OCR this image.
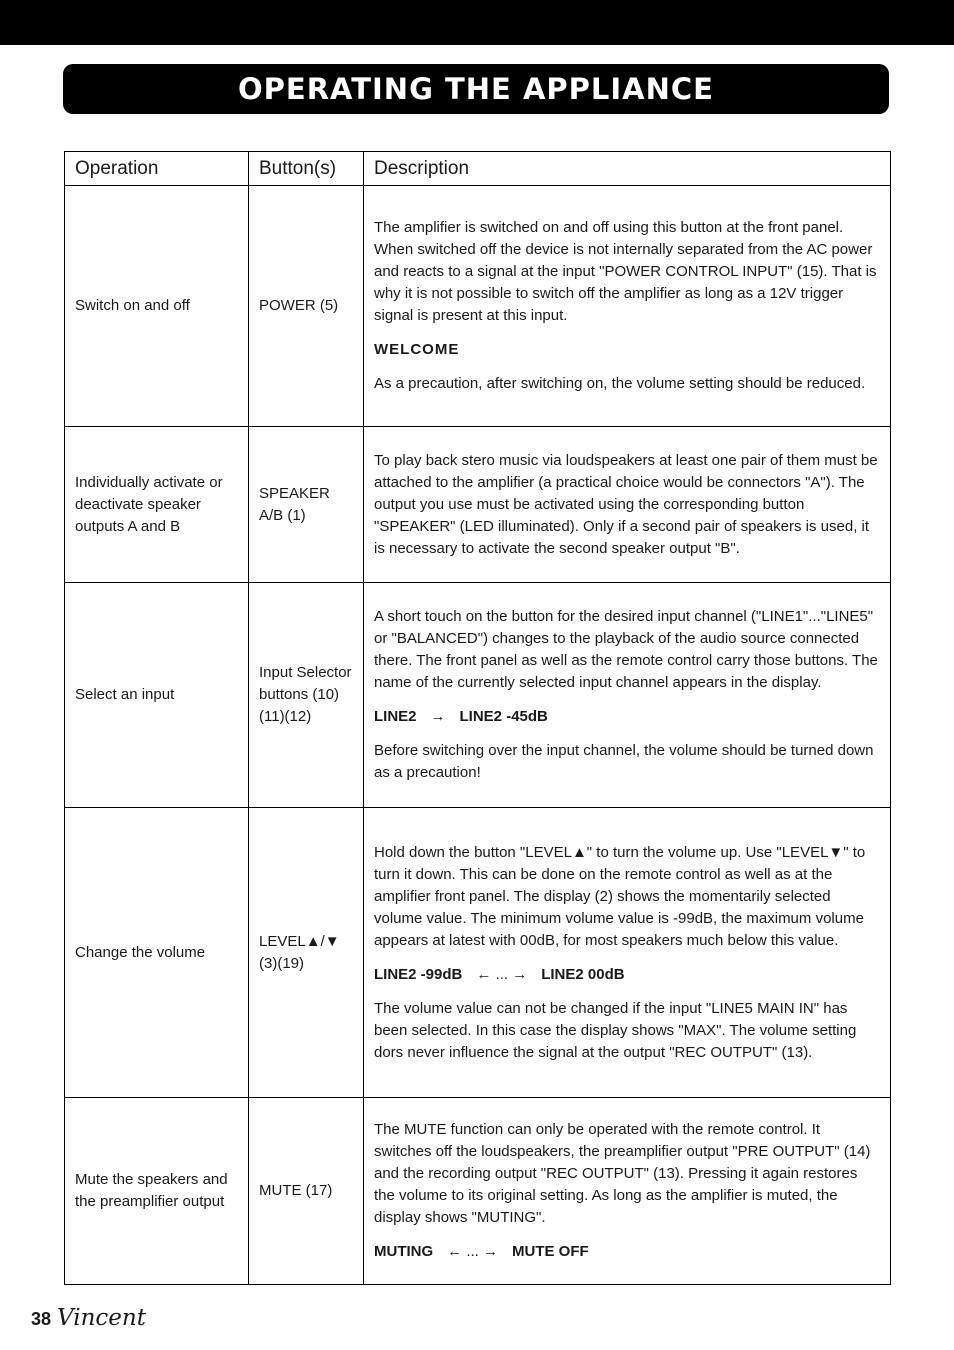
OPERATING THE APPLIANCE
Operation	Button(s)	Description
Switch on and off	POWER (5)	The amplifier is switched on and off using this button at the front panel. When switched off the device is not internally separated from the AC power and reacts to a signal at the input "POWER CONTROL INPUT" (15). That is why it is not possible to switch off the amplifier as long as a 12V trigger signal is present at this input.

WELCOME

As a precaution, after switching on, the volume setting should be reduced.

Individually activate or deactivate speaker outputs A and B	SPEAKER A/B (1)	To play back stero music via loudspeakers at least one pair of them must be attached to the amplifier (a practical choice would be connectors "A"). The output you use must be activated using the corresponding button "SPEAKER" (LED illuminated). Only if a second pair of speakers is used, it is necessary to activate the second speaker output "B".

Select an input	Input Selector buttons (10)(11)(12)	A short touch on the button for the desired input channel ("LINE1"..."LINE5" or "BALANCED") changes to the playback of the audio source connected there. The front panel as well as the remote control carry those buttons. The name of the currently selected input channel appears in the display.

LINE2 → LINE2 -45dB

Before switching over the input channel, the volume should be turned down as a precaution!

Change the volume	LEVEL▲/▼ (3)(19)	Hold down the button "LEVEL▲" to turn the volume up. Use "LEVEL▼" to turn it down. This can be done on the remote control as well as at the amplifier front panel. The display (2) shows the momentarily selected volume value. The minimum volume value is -99dB, the maximum volume appears at latest with 00dB, for most speakers much below this value.

LINE2 -99dB ← ... → LINE2 00dB

The volume value can not be changed if the input "LINE5 MAIN IN" has been selected. In this case the display shows "MAX". The volume setting dors never influence the signal at the output "REC OUTPUT" (13).

Mute the speakers and the preamplifier output	MUTE (17)	The MUTE function can only be operated with the remote control. It switches off the loudspeakers, the preamplifier output "PRE OUTPUT" (14) and the recording output "REC OUTPUT" (13). Pressing it again restores the volume to its original setting. As long as the amplifier is muted, the display shows "MUTING".

MUTING ← ... → MUTE OFF

38 Vincent
